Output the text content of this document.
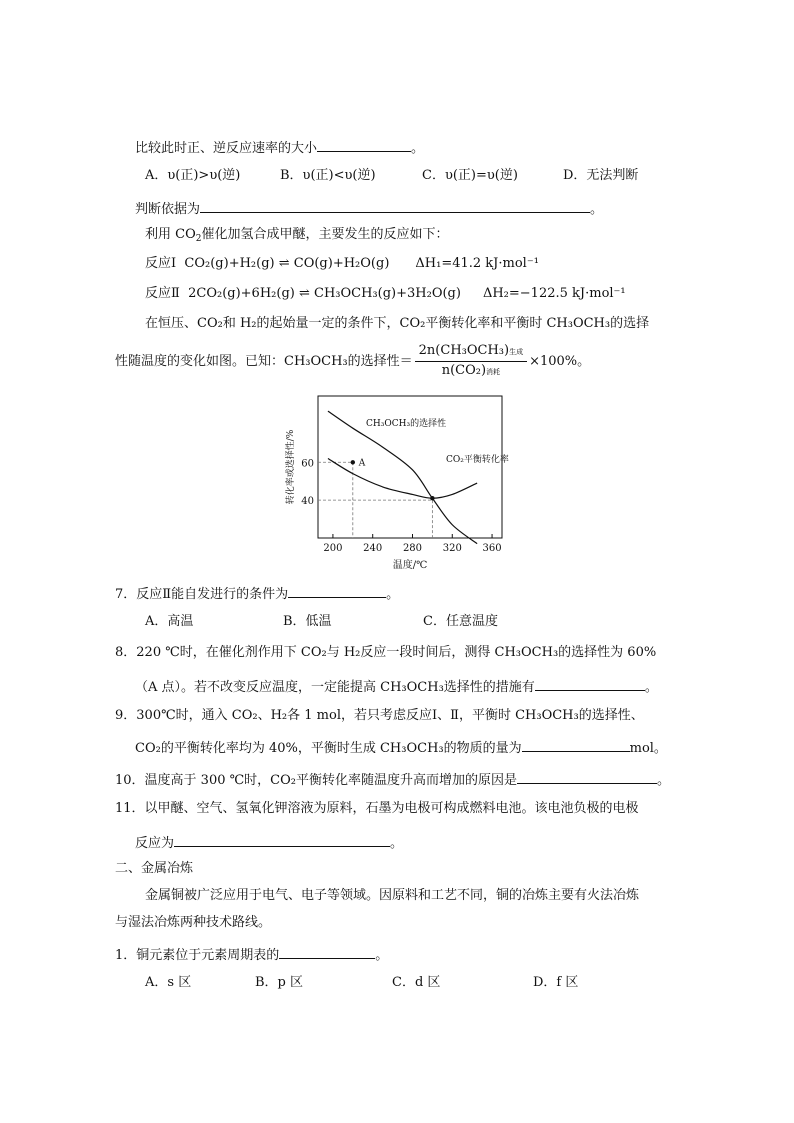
比较此时正、逆反应速率的大小	。
A．υ(正)>υ(逆)	B．υ(正)<υ(逆)	C．υ(正)=υ(逆)	D．无法判断
判断依据为	。
利用 $CO_2$催化加氢合成甲醚，主要发生的反应如下：
反应Ⅰ CO₂(g)+H₂(g) ⇌ CO(g)+H₂O(g) ΔH₁=41.2 kJ·mol⁻¹
反应Ⅱ 2CO₂(g)+6H₂(g) ⇌ CH₃OCH₃(g)+3H₂O(g) ΔH₂=−122.5 kJ·mol⁻¹
在恒压、CO₂和 H₂的起始量一定的条件下，CO₂平衡转化率和平衡时 CH₃OCH₃的选择
性随温度的变化如图。已知：CH₃OCH₃的选择性＝ $\frac{\text{2n(CH₃OCH₃)生成}}{\text{n(CO₂)消耗}} \times 100\%$。
200 240 280 320 360
40
60
CH₃OCH₃的选择性
CO₂平衡转化率
A
温度/℃
转化率或选择性/%
7．反应Ⅱ能自发进行的条件为	。
A．高温	B．低温	C．任意温度
8．220 ℃时，在催化剂作用下 CO₂与 H₂反应一段时间后，测得 CH₃OCH₃的选择性为 60%
（A 点）。若不改变反应温度，一定能提高 CH₃OCH₃选择性的措施有	。
9．300℃时，通入 CO₂、H₂各 1 mol，若只考虑反应Ⅰ、Ⅱ，平衡时 CH₃OCH₃的选择性、
CO₂的平衡转化率均为 40%，平衡时生成 CH₃OCH₃的物质的量为	mol。
10．温度高于 300 ℃时，CO₂平衡转化率随温度升高而增加的原因是	。
11．以甲醚、空气、氢氧化钾溶液为原料，石墨为电极可构成燃料电池。该电池负极的电极
反应为	。
二、金属冶炼
金属铜被广泛应用于电气、电子等领域。因原料和工艺不同，铜的冶炼主要有火法冶炼
与湿法冶炼两种技术路线。
1．铜元素位于元素周期表的	。
A．s 区	B．p 区	C．d 区	D．f 区
